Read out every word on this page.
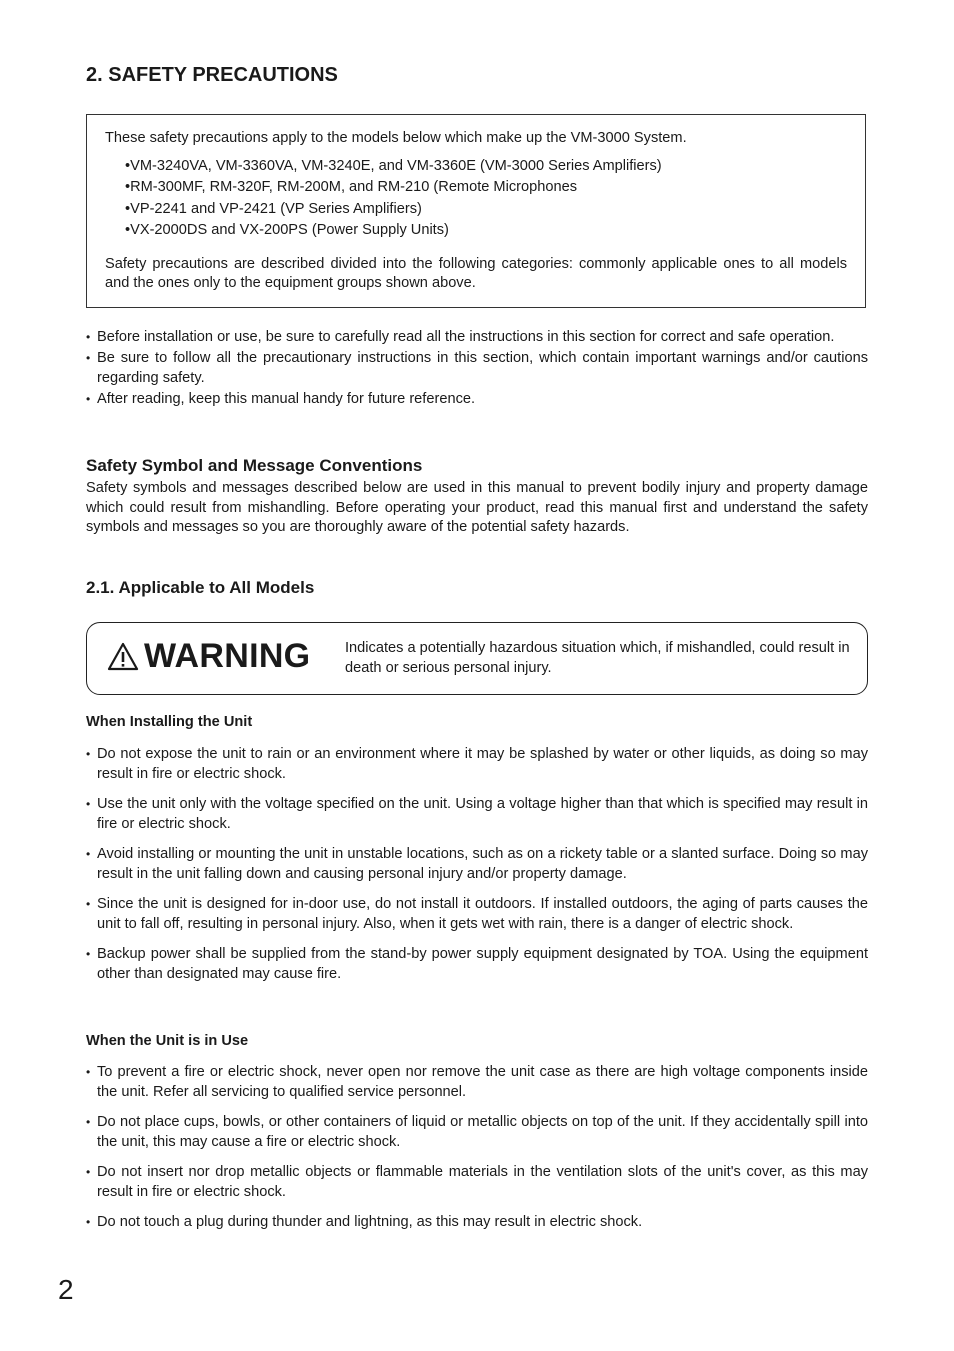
2. SAFETY PRECAUTIONS

These safety precautions apply to the models below which make up the VM-3000 System.

• VM-3240VA, VM-3360VA, VM-3240E, and VM-3360E (VM-3000 Series Amplifiers)
• RM-300MF, RM-320F, RM-200M, and RM-210 (Remote Microphones
• VP-2241 and VP-2421 (VP Series Amplifiers)
• VX-2000DS and VX-200PS (Power Supply Units)

Safety precautions are described divided into the following categories: commonly applicable ones to all models and the ones only to the equipment groups shown above.

• Before installation or use, be sure to carefully read all the instructions in this section for correct and safe operation.
• Be sure to follow all the precautionary instructions in this section, which contain important warnings and/or cautions regarding safety.
• After reading, keep this manual handy for future reference.
Safety Symbol and Message Conventions

Safety symbols and messages described below are used in this manual to prevent bodily injury and property damage which could result from mishandling. Before operating your product, read this manual first and understand the safety symbols and messages so you are thoroughly aware of the potential safety hazards.

2.1. Applicable to All Models
WARNING Indicates a potentially hazardous situation which, if mishandled, could result in death or serious personal injury.

When Installing the Unit
• Do not expose the unit to rain or an environment where it may be splashed by water or other liquids, as doing so may result in fire or electric shock.
• Use the unit only with the voltage specified on the unit. Using a voltage higher than that which is specified may result in fire or electric shock.
• Avoid installing or mounting the unit in unstable locations, such as on a rickety table or a slanted surface. Doing so may result in the unit falling down and causing personal injury and/or property damage.
• Since the unit is designed for in-door use, do not install it outdoors. If installed outdoors, the aging of parts causes the unit to fall off, resulting in personal injury. Also, when it gets wet with rain, there is a danger of electric shock.
• Backup power shall be supplied from the stand-by power supply equipment designated by TOA. Using the equipment other than designated may cause fire.
When the Unit is in Use
• To prevent a fire or electric shock, never open nor remove the unit case as there are high voltage components inside the unit. Refer all servicing to qualified service personnel.
• Do not place cups, bowls, or other containers of liquid or metallic objects on top of the unit. If they accidentally spill into the unit, this may cause a fire or electric shock.
• Do not insert nor drop metallic objects or flammable materials in the ventilation slots of the unit's cover, as this may result in fire or electric shock.
• Do not touch a plug during thunder and lightning, as this may result in electric shock.

2
